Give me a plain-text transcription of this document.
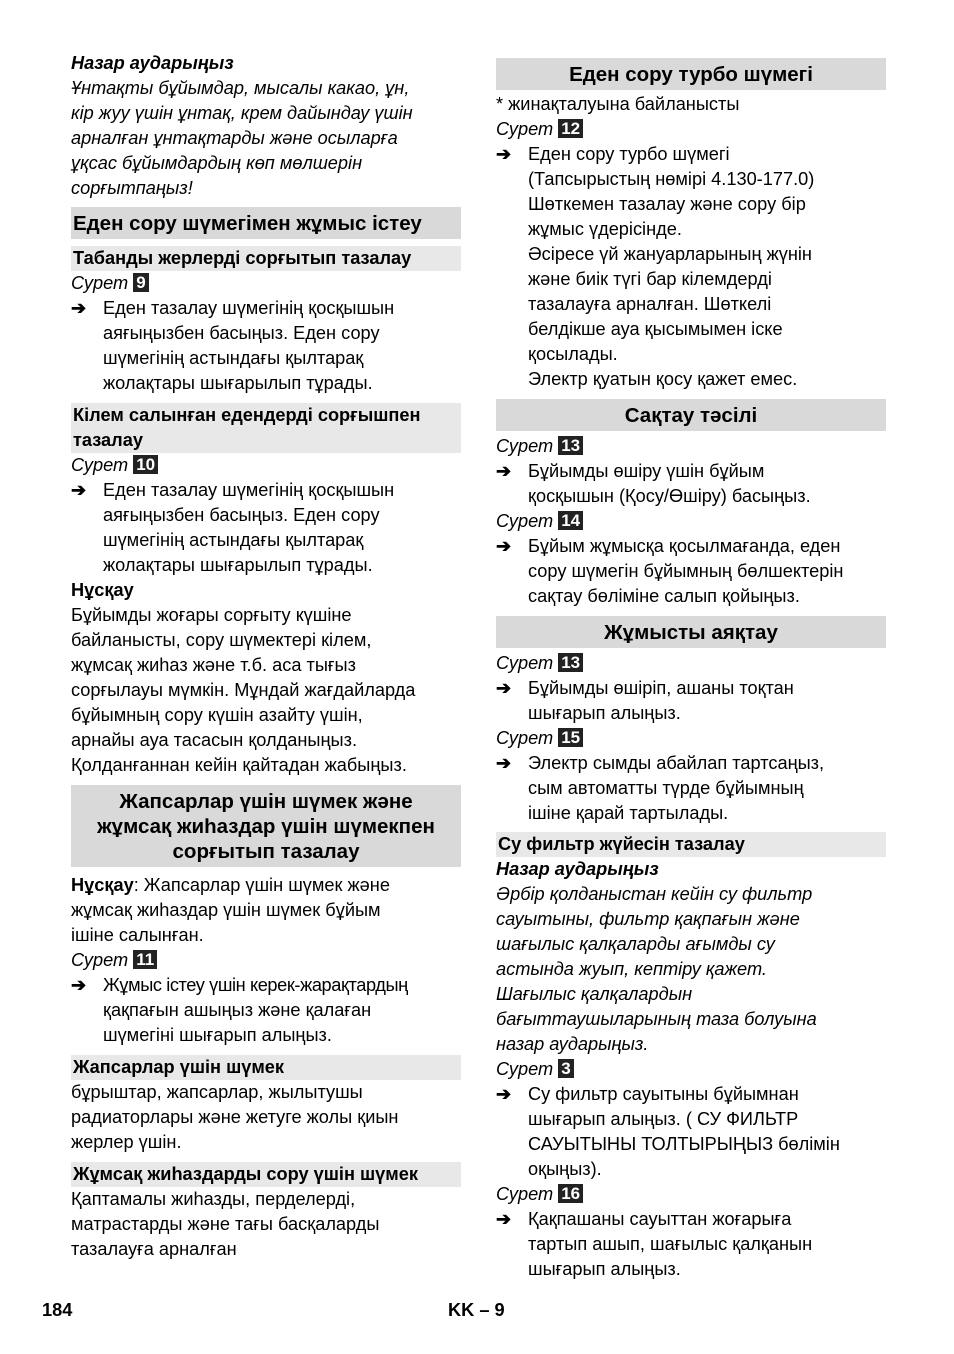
Назар аударыңыз
Ұнтақты бұйымдар, мысалы какао, ұн,
кір жуу үшін ұнтақ, крем дайындау үшін
арналған ұнтақтарды және осыларға
ұқсас бұйымдардың көп мөлшерін
сорғытпаңыз!
Еден сору шүмегімен жұмыс істеу
Табанды жерлерді сорғытып тазалау
Сурет 9
➔ Еден тазалау шүмегінің қосқышын
аяғыңызбен басыңыз. Еден сору
шүмегінің астындағы қылтарақ
жолақтары шығарылып тұрады.
Кілем салынған едендерді сорғышпен
тазалау
Сурет 10
➔ Еден тазалау шүмегінің қосқышын
аяғыңызбен басыңыз. Еден сору
шүмегінің астындағы қылтарақ
жолақтары шығарылып тұрады.
Нұсқау
Бұйымды жоғары сорғыту күшіне
байланысты, сору шүмектері кілем,
жұмсақ жиһаз және т.б. аса тығыз
сорғылауы мүмкін. Мұндай жағдайларда
бұйымның сору күшін азайту үшін,
арнайы ауа тасасын қолданыңыз.
Қолданғаннан кейін қайтадан жабыңыз.
Жапсарлар үшін шүмек және
жұмсақ жиһаздар үшін шүмекпен
сорғытып тазалау
Нұсқау: Жапсарлар үшін шүмек және
жұмсақ жиһаздар үшін шүмек бұйым
ішіне салынған.
Сурет 11
➔ Жұмыс істеу үшін керек-жарақтардың
қақпағын ашыңыз және қалаған
шүмегіні шығарып алыңыз.
Жапсарлар үшін шүмек
бұрыштар, жапсарлар, жылытушы
радиаторлары және жетуге жолы қиын
жерлер үшін.
Жұмсақ жиһаздарды сору үшін шүмек
Қаптамалы жиһазды, перделерді,
матрастарды және тағы басқаларды
тазалауға арналған
Еден сору турбо шүмегі
* жинақталуына байланысты
Сурет 12
➔ Еден сору турбо шүмегі
(Тапсырыстың нөмірі 4.130-177.0)
Шөткемен тазалау және сору бір
жұмыс үдерісінде.
Әсіресе үй жануарларының жүнін
және биік түгі бар кілемдерді
тазалауға арналған. Шөткелі
белдікше ауа қысымымен іске
қосылады.
Электр қуатын қосу қажет емес.
Сақтау тәсілі
Сурет 13
➔ Бұйымды өшіру үшін бұйым
қосқышын (Қосу/Өшіру) басыңыз.
Сурет 14
➔ Бұйым жұмысқа қосылмағанда, еден
сору шүмегін бұйымның бөлшектерін
сақтау бөліміне салып қойыңыз.
Жұмысты аяқтау
Сурет 13
➔ Бұйымды өшіріп, ашаны тоқтан
шығарып алыңыз.
Сурет 15
➔ Электр сымды абайлап тартсаңыз,
сым автоматты түрде бұйымның
ішіне қарай тартылады.
Су фильтр жүйесін тазалау
Назар аударыңыз
Әрбір қолданыстан кейін су фильтр
сауытыны, фильтр қақпағын және
шағылыс қалқаларды ағымды су
астында жуып, кептіру қажет.
Шағылыс қалқалардын
бағыттаушыларының таза болуына
назар аударыңыз.
Сурет 3
➔ Су фильтр сауытыны бұйымнан
шығарып алыңыз. ( СУ ФИЛЬТР
САУЫТЫНЫ ТОЛТЫРЫҢЫЗ бөлімін
оқыңыз).
Сурет 16
➔ Қақпашаны сауыттан жоғарыға
тартып ашып, шағылыс қалқанын
шығарып алыңыз.
184	KK – 9
